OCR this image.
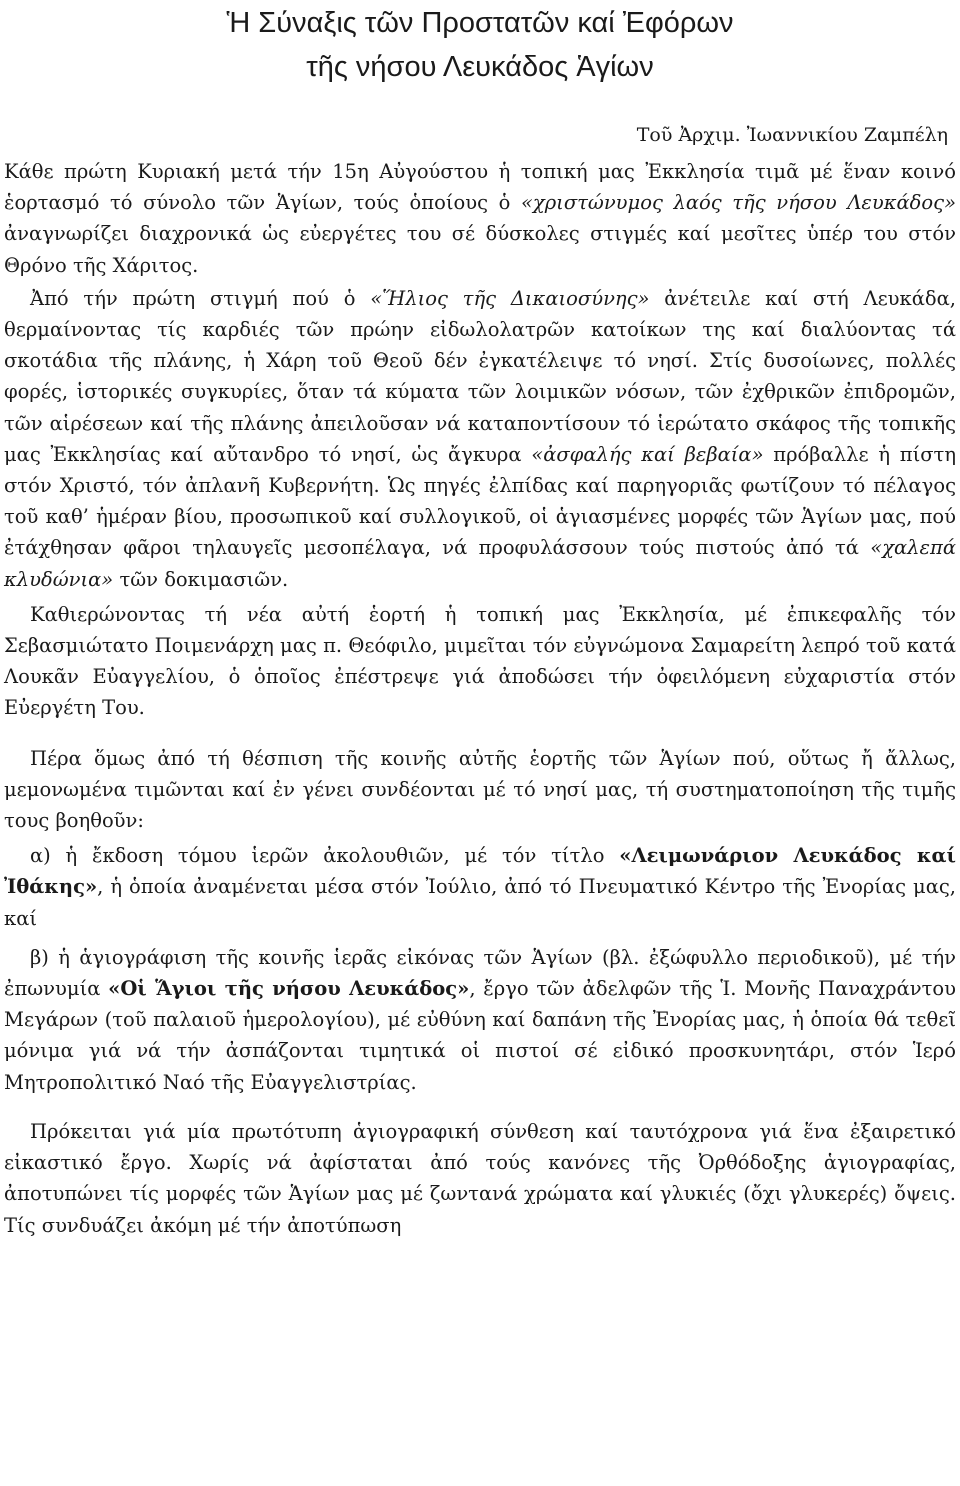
Ἡ Σύναξις τῶν Προστατῶν καί Ἐφόρων
τῆς νήσου Λευκάδος Ἁγίων
Τοῦ Ἀρχιμ. Ἰωαννικίου Ζαμπέλη

Κάθε πρώτη Κυριακή μετά τήν 15η Αὐγούστου ἡ τοπική μας Ἐκκλησία τιμᾶ μέ ἕναν κοινό ἑορτασμό τό σύνολο τῶν Ἁγίων, τούς ὁποίους ὁ «χριστώνυμος λαός τῆς νήσου Λευκάδος» ἀναγνωρίζει διαχρονικά ὡς εὐεργέτες του σέ δύσκολες στιγμές καί μεσῖτες ὑπέρ του στόν Θρόνο τῆς Χάριτος.

Ἀπό τήν πρώτη στιγμή πού ὁ «Ἥλιος τῆς Δικαιοσύνης» ἀνέτειλε καί στή Λευκάδα, θερμαίνοντας τίς καρδιές τῶν πρώην εἰδωλολατρῶν κατοίκων της καί διαλύοντας τά σκοτάδια τῆς πλάνης, ἡ Χάρη τοῦ Θεοῦ δέν ἐγκατέλειψε τό νησί. Στίς δυσοίωνες, πολλές φορές, ἱστορικές συγκυρίες, ὅταν τά κύματα τῶν λοιμικῶν νόσων, τῶν ἐχθρικῶν ἐπιδρομῶν, τῶν αἱρέσεων καί τῆς πλάνης ἀπειλοῦσαν νά καταποντίσουν τό ἱερώτατο σκάφος τῆς τοπικῆς μας Ἐκκλησίας καί αὔτανδρο τό νησί, ὡς ἄγκυρα «ἀσφαλής καί βεβαία» πρόβαλλε ἡ πίστη στόν Χριστό, τόν ἀπλανῆ Κυβερνήτη. Ὡς πηγές ἐλπίδας καί παρηγοριᾶς φωτίζουν τό πέλαγος τοῦ καθ’ ἡμέραν βίου, προσωπικοῦ καί συλλογικοῦ, οἱ ἁγιασμένες μορφές τῶν Ἁγίων μας, πού ἐτάχθησαν φᾶροι τηλαυγεῖς μεσοπέλαγα, νά προφυλάσσουν τούς πιστούς ἀπό τά «χαλεπά κλυδώνια» τῶν δοκιμασιῶν.

Καθιερώνοντας τή νέα αὐτή ἑορτή ἡ τοπική μας Ἐκκλησία, μέ ἐπικεφαλῆς τόν Σεβασμιώτατο Ποιμενάρχη μας π. Θεόφιλο, μιμεῖται τόν εὐγνώμονα Σαμαρείτη λεπρό τοῦ κατά Λουκᾶν Εὐαγγελίου, ὁ ὁποῖος ἐπέστρεψε γιά ἀποδώσει τήν ὀφειλόμενη εὐχαριστία στόν Εὐεργέτη Του.

Πέρα ὅμως ἀπό τή θέσπιση τῆς κοινῆς αὐτῆς ἑορτῆς τῶν Ἁγίων πού, οὕτως ἤ ἄλλως, μεμονωμένα τιμῶνται καί ἐν γένει συνδέονται μέ τό νησί μας, τή συστηματοποίηση τῆς τιμῆς τους βοηθοῦν:

α) ἡ ἔκδοση τόμου ἱερῶν ἀκολουθιῶν, μέ τόν τίτλο «Λειμωνάριον Λευκάδος καί Ἰθάκης», ἡ ὁποία ἀναμένεται μέσα στόν Ἰούλιο, ἀπό τό Πνευματικό Κέντρο τῆς Ἐνορίας μας, καί

β) ἡ ἁγιογράφιση τῆς κοινῆς ἱερᾶς εἰκόνας τῶν Ἁγίων (βλ. ἐξώφυλλο περιοδικοῦ), μέ τήν ἐπωνυμία «Οἱ Ἅγιοι τῆς νήσου Λευκάδος», ἔργο τῶν ἀδελφῶν τῆς Ἱ. Μονῆς Παναχράντου Μεγάρων (τοῦ παλαιοῦ ἡμερολογίου), μέ εὐθύνη καί δαπάνη τῆς Ἐνορίας μας, ἡ ὁποία θά τεθεῖ μόνιμα γιά νά τήν ἀσπάζονται τιμητικά οἱ πιστοί σέ εἰδικό προσκυνητάρι, στόν Ἱερό Μητροπολιτικό Ναό τῆς Εὐαγγελιστρίας.

Πρόκειται γιά μία πρωτότυπη ἁγιογραφική σύνθεση καί ταυτόχρονα γιά ἕνα ἐξαιρετικό εἰκαστικό ἔργο. Χωρίς νά ἀφίσταται ἀπό τούς κανόνες τῆς Ὀρθόδοξης ἁγιογραφίας, ἀποτυπώνει τίς μορφές τῶν Ἁγίων μας μέ ζωντανά χρώματα καί γλυκιές (ὄχι γλυκερές) ὄψεις. Τίς συνδυάζει ἀκόμη μέ τήν ἀποτύπωση
